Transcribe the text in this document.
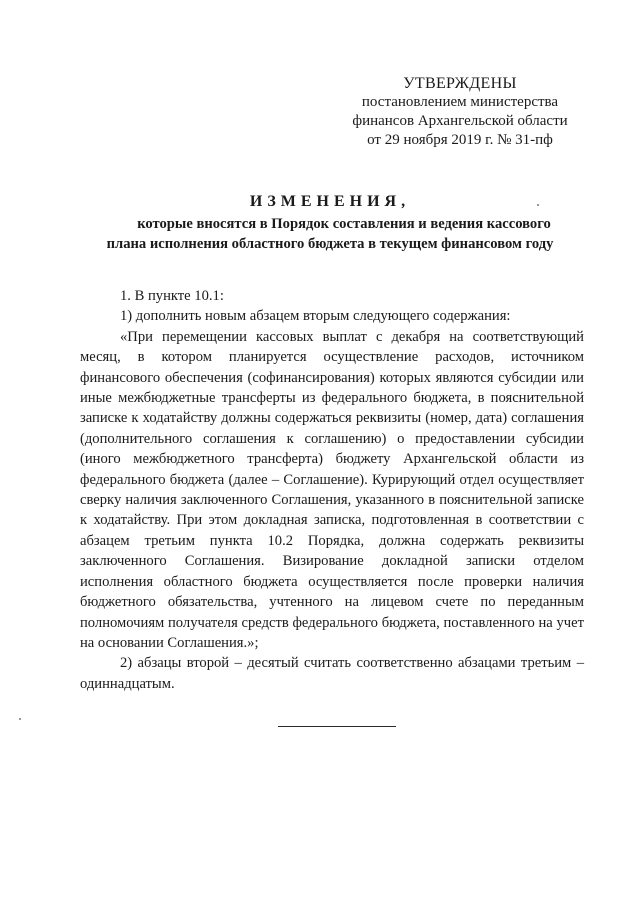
УТВЕРЖДЕНЫ
постановлением министерства
финансов Архангельской области
от 29 ноября 2019 г. № 31-пф
ИЗМЕНЕНИЯ,
которые вносятся в Порядок составления и ведения кассового
плана исполнения областного бюджета в текущем финансовом году

1. В пункте 10.1:

1) дополнить новым абзацем вторым следующего содержания:

«При перемещении кассовых выплат с декабря на соответствующий месяц, в котором планируется осуществление расходов, источником финансового обеспечения (софинансирования) которых являются субсидии или иные межбюджетные трансферты из федерального бюджета, в пояснительной записке к ходатайству должны содержаться реквизиты (номер, дата) соглашения (дополнительного соглашения к соглашению) о предоставлении субсидии (иного межбюджетного трансферта) бюджету Архангельской области из федерального бюджета (далее – Соглашение). Курирующий отдел осуществляет сверку наличия заключенного Соглашения, указанного в пояснительной записке к ходатайству. При этом докладная записка, подготовленная в соответствии с абзацем третьим пункта 10.2 Порядка, должна содержать реквизиты заключенного Соглашения. Визирование докладной записки отделом исполнения областного бюджета осуществляется после проверки наличия бюджетного обязательства, учтенного на лицевом счете по переданным полномочиям получателя средств федерального бюджета, поставленного на учет на основании Соглашения.»;

2) абзацы второй – десятый считать соответственно абзацами третьим – одиннадцатым.
